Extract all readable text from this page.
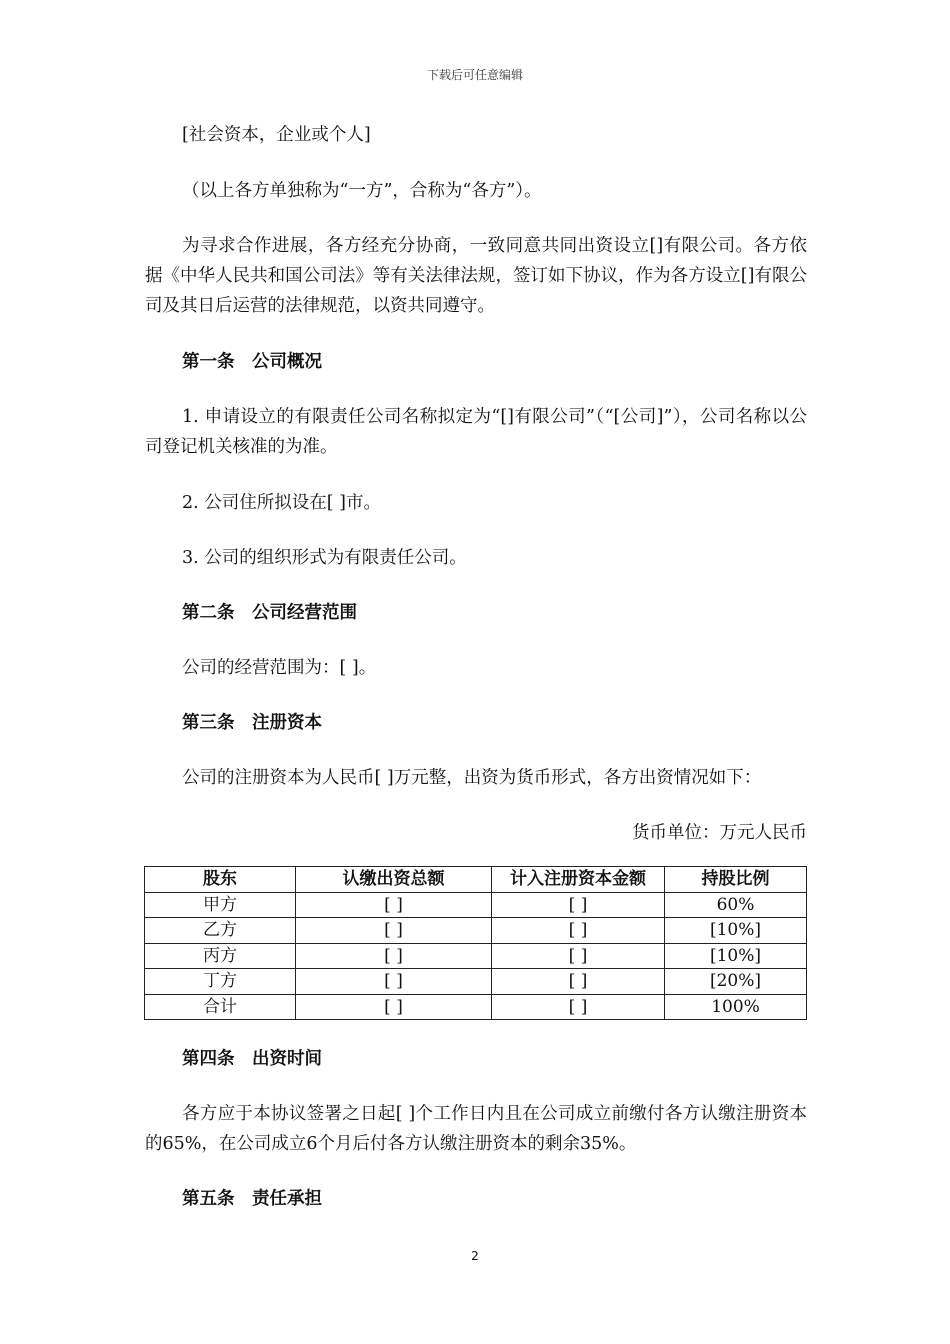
下载后可任意编辑

[社会资本，企业或个人]

（以上各方单独称为“一方”，合称为“各方”）。

为寻求合作进展，各方经充分协商，一致同意共同出资设立[]有限公司。各方依据《中华人民共和国公司法》等有关法律法规，签订如下协议，作为各方设立[]有限公司及其日后运营的法律规范，以资共同遵守。

第一条　公司概况

1. 申请设立的有限责任公司名称拟定为“[]有限公司”（“[公司]”），公司名称以公司登记机关核准的为准。

2. 公司住所拟设在[ ]市。

3. 公司的组织形式为有限责任公司。

第二条　公司经营范围

公司的经营范围为：[ ]。

第三条　注册资本

公司的注册资本为人民币[ ]万元整，出资为货币形式，各方出资情况如下：

货币单位：万元人民币

股东	认缴出资总额	计入注册资本金额	持股比例
甲方	[ ]	[ ]	60%
乙方	[ ]	[ ]	[10%]
丙方	[ ]	[ ]	[10%]
丁方	[ ]	[ ]	[20%]
合计	[ ]	[ ]	100%

第四条　出资时间

各方应于本协议签署之日起[ ]个工作日内且在公司成立前缴付各方认缴注册资本的65%，在公司成立6个月后付各方认缴注册资本的剩余35%。

第五条　责任承担

2
